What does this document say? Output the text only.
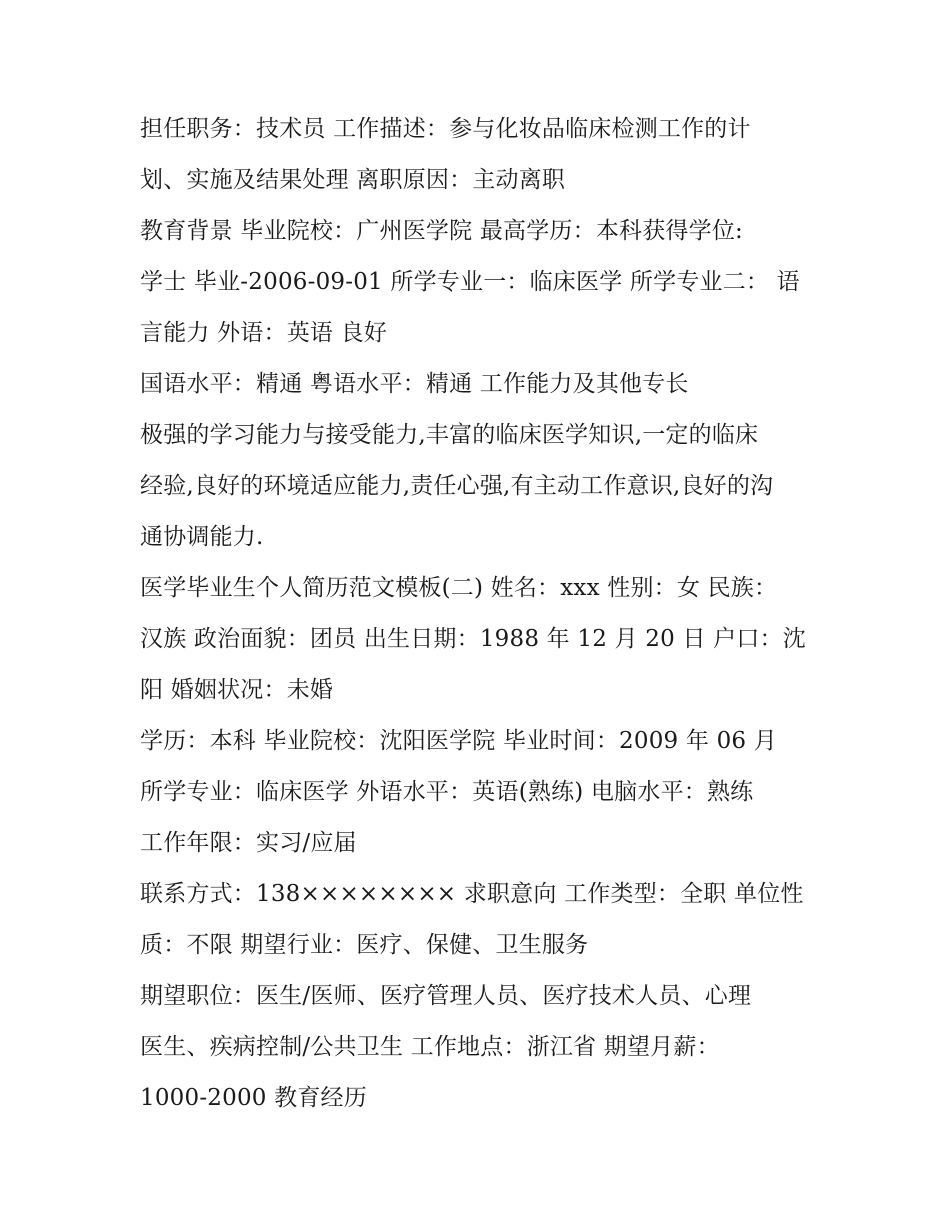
担任职务：技术员 工作描述：参与化妆品临床检测工作的计
划、实施及结果处理 离职原因：主动离职
教育背景 毕业院校：广州医学院 最高学历：本科获得学位:
学士 毕业-2006-09-01 所学专业一：临床医学 所学专业二： 语
言能力 外语：英语 良好
国语水平：精通 粤语水平：精通 工作能力及其他专长
极强的学习能力与接受能力,丰富的临床医学知识,一定的临床
经验,良好的环境适应能力,责任心强,有主动工作意识,良好的沟
通协调能力.
医学毕业生个人简历范文模板(二) 姓名：xxx 性别：女 民族：
汉族 政治面貌：团员 出生日期：1988 年 12 月 20 日 户口：沈
阳 婚姻状况：未婚
学历：本科 毕业院校：沈阳医学院 毕业时间：2009 年 06 月
所学专业：临床医学 外语水平：英语(熟练) 电脑水平：熟练
工作年限：实习/应届
联系方式：138×××××××× 求职意向 工作类型：全职 单位性
质：不限 期望行业：医疗、保健、卫生服务
期望职位：医生/医师、医疗管理人员、医疗技术人员、心理
医生、疾病控制/公共卫生 工作地点：浙江省 期望月薪：
1000-2000 教育经历
